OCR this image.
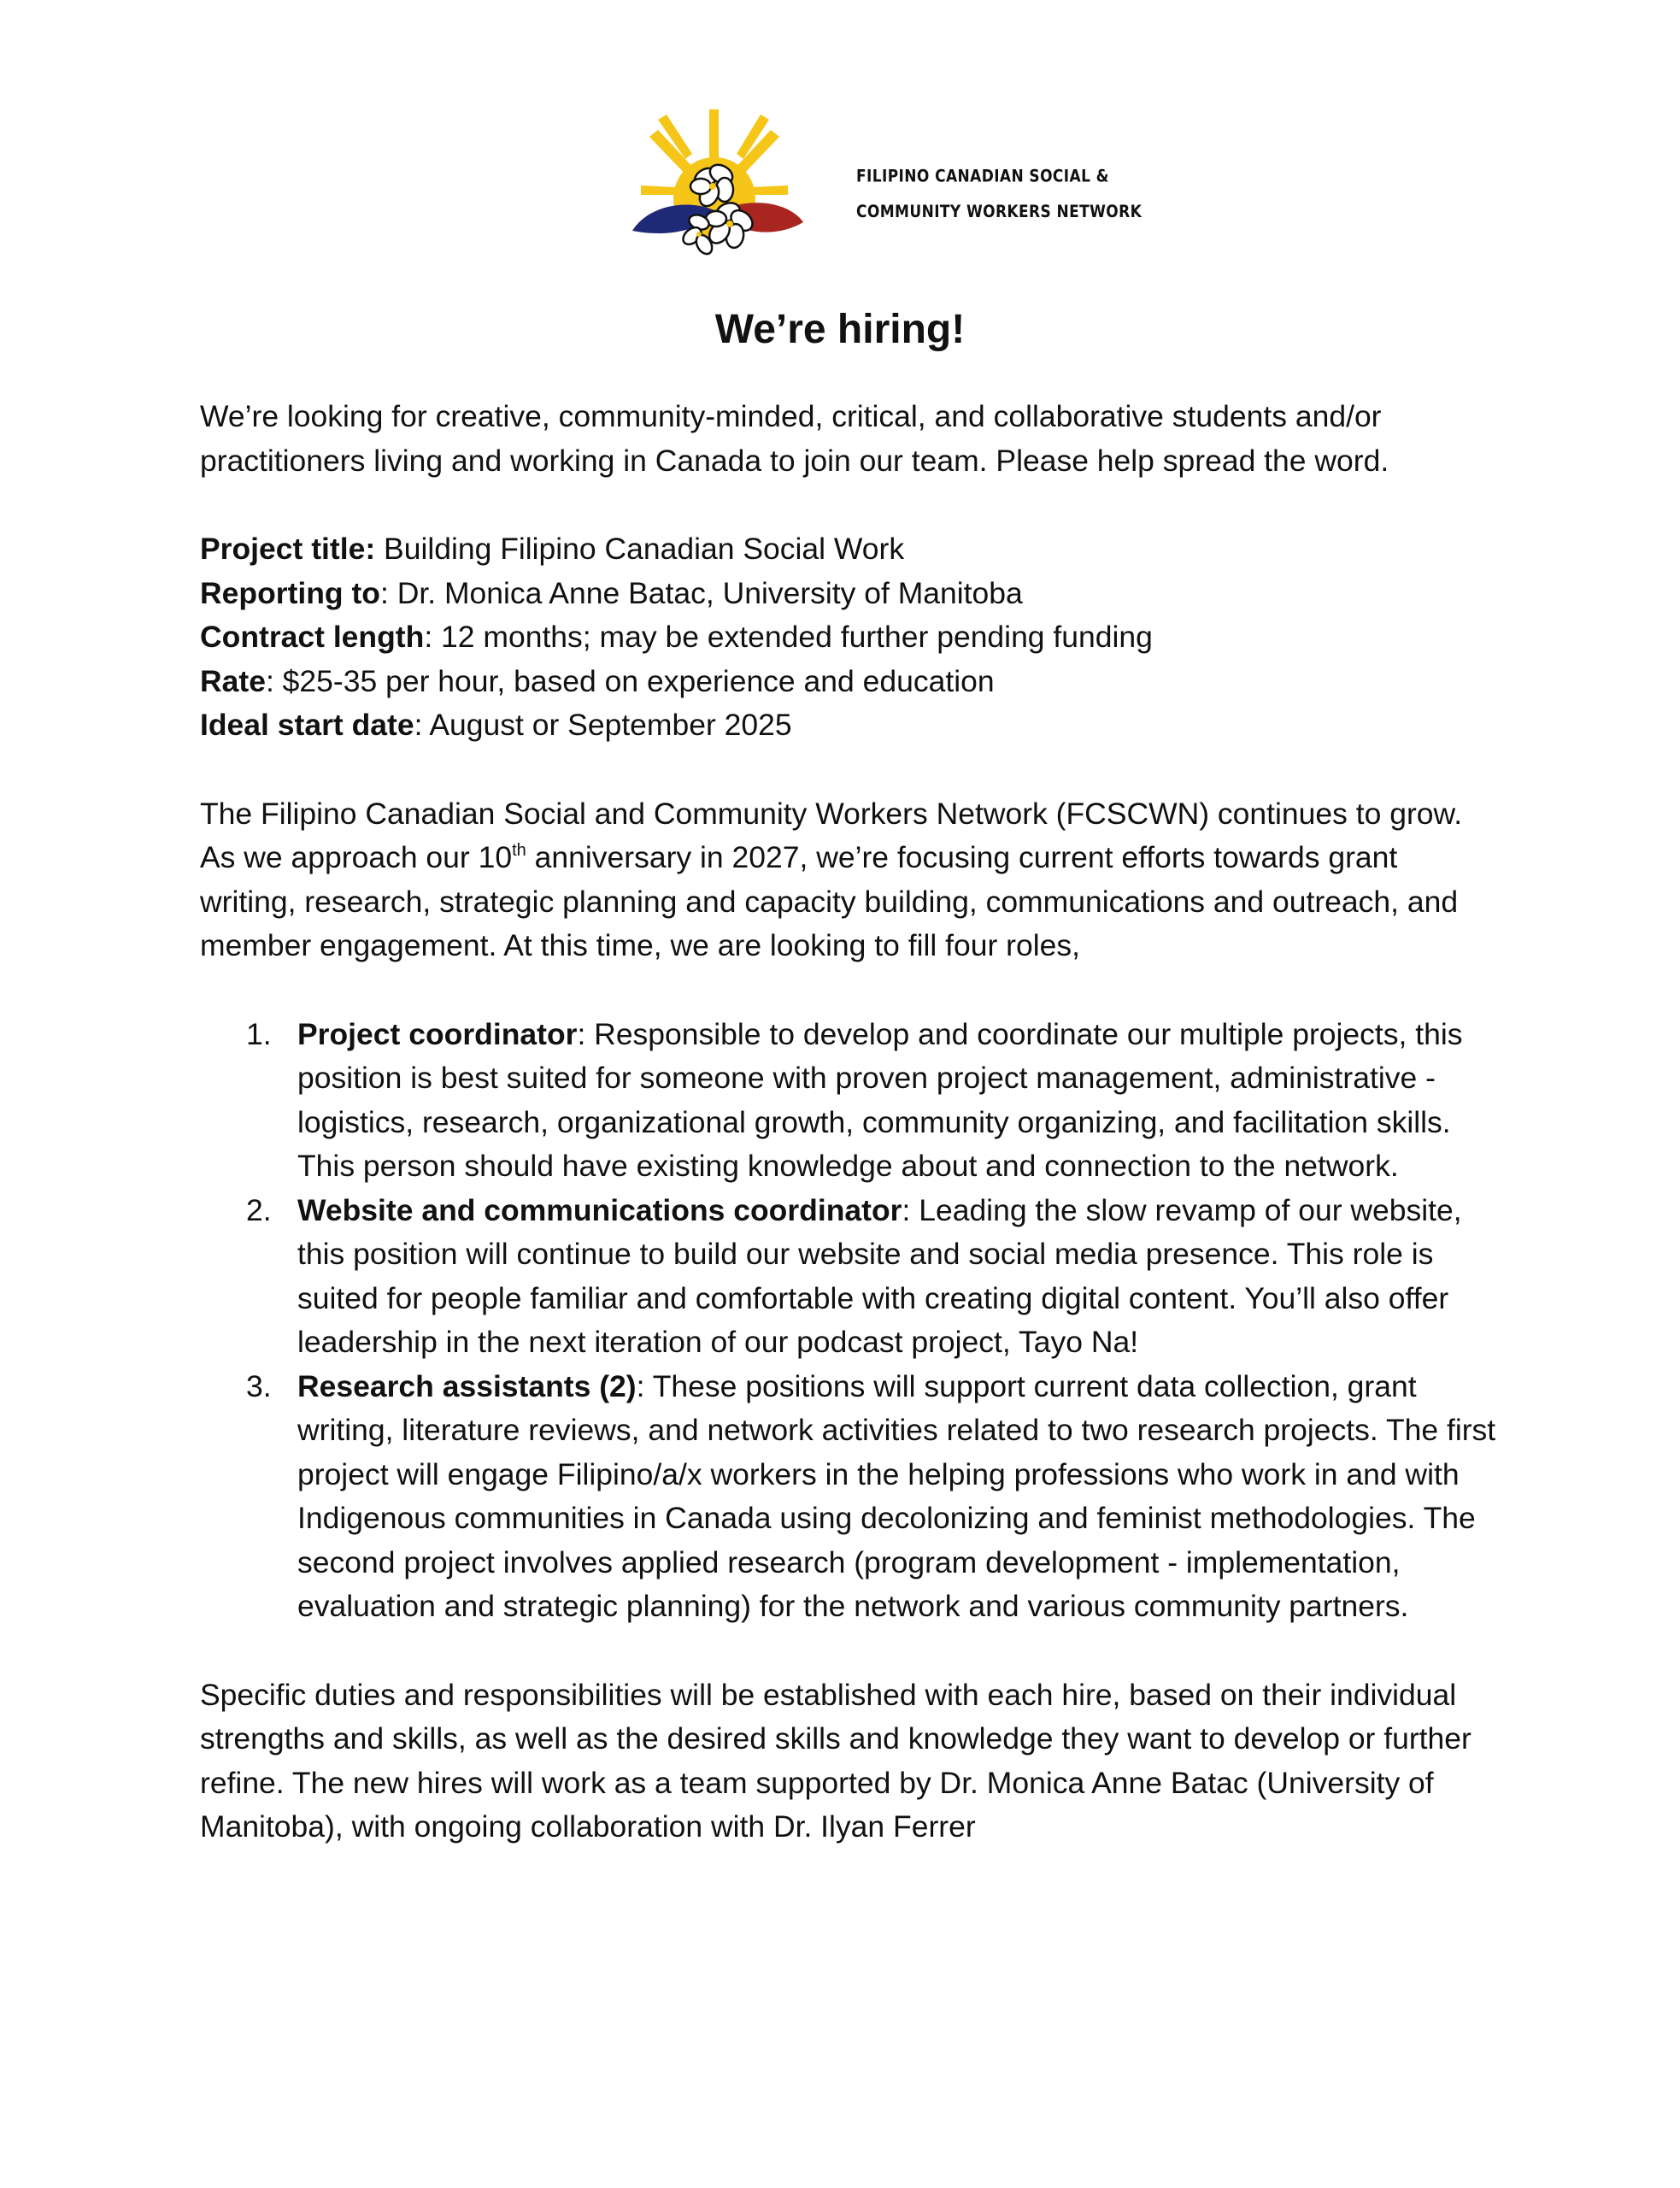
FILIPINO CANADIAN SOCIAL &
COMMUNITY WORKERS NETWORK
We’re hiring!

We’re looking for creative, community-minded, critical, and collaborative students and/or practitioners living and working in Canada to join our team. Please help spread the word.

Project title: Building Filipino Canadian Social Work
Reporting to: Dr. Monica Anne Batac, University of Manitoba
Contract length: 12 months; may be extended further pending funding
Rate: $25-35 per hour, based on experience and education
Ideal start date: August or September 2025

The Filipino Canadian Social and Community Workers Network (FCSCWN) continues to grow. As we approach our 10th anniversary in 2027, we’re focusing current efforts towards grant writing, research, strategic planning and capacity building, communications and outreach, and member engagement. At this time, we are looking to fill four roles,

1. Project coordinator: Responsible to develop and coordinate our multiple projects, this position is best suited for someone with proven project management, administrative - logistics, research, organizational growth, community organizing, and facilitation skills. This person should have existing knowledge about and connection to the network.
2. Website and communications coordinator: Leading the slow revamp of our website, this position will continue to build our website and social media presence. This role is suited for people familiar and comfortable with creating digital content. You’ll also offer leadership in the next iteration of our podcast project, Tayo Na!
3. Research assistants (2): These positions will support current data collection, grant writing, literature reviews, and network activities related to two research projects. The first project will engage Filipino/a/x workers in the helping professions who work in and with Indigenous communities in Canada using decolonizing and feminist methodologies. The second project involves applied research (program development - implementation, evaluation and strategic planning) for the network and various community partners.

Specific duties and responsibilities will be established with each hire, based on their individual strengths and skills, as well as the desired skills and knowledge they want to develop or further refine. The new hires will work as a team supported by Dr. Monica Anne Batac (University of Manitoba), with ongoing collaboration with Dr. Ilyan Ferrer
